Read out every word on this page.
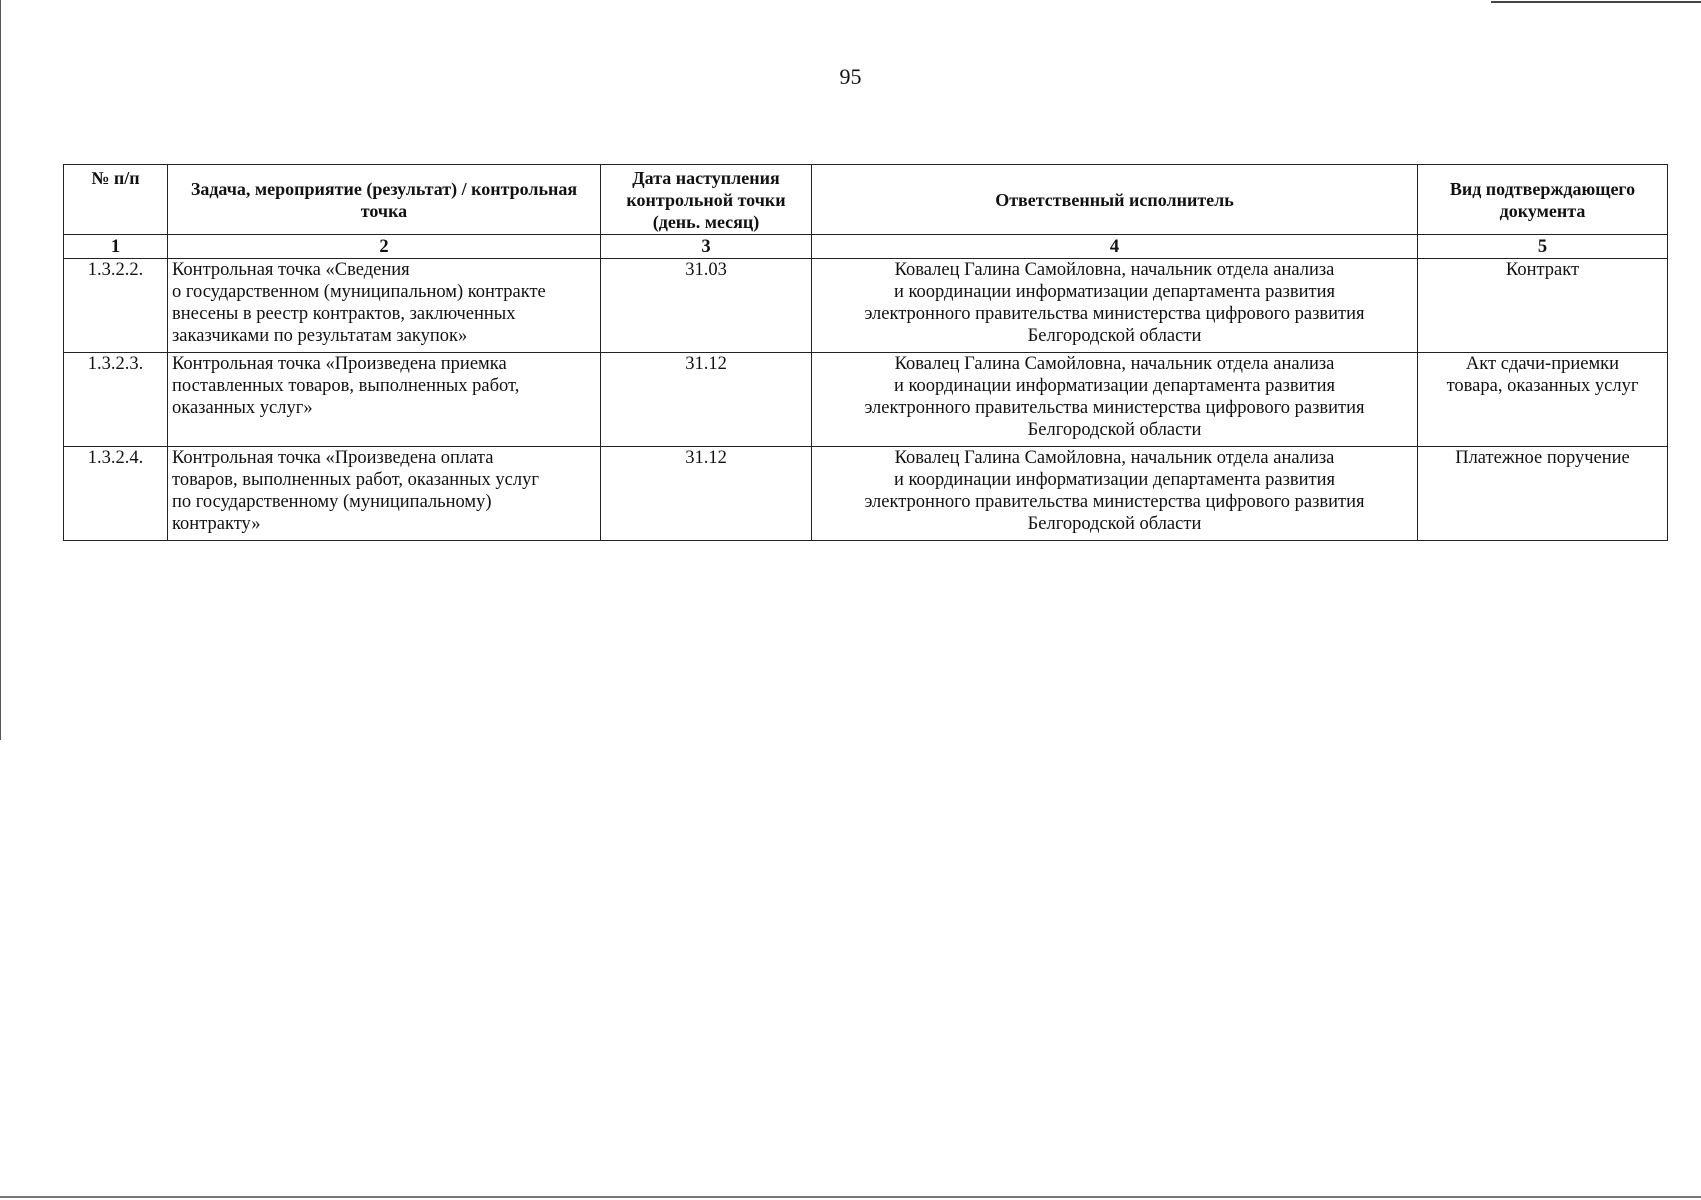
95
№ п/п	Задача, мероприятие (результат) / контрольная точка	Дата наступления контрольной точки (день. месяц)	Ответственный исполнитель	Вид подтверждающего документа
1	2	3	4	5
1.3.2.2.	Контрольная точка «Сведения
о государственном (муниципальном) контракте
внесены в реестр контрактов, заключенных
заказчиками по результатам закупок»	31.03	Ковалец Галина Самойловна, начальник отдела анализа
и координации информатизации департамента развития
электронного правительства министерства цифрового развития
Белгородской области	Контракт
1.3.2.3.	Контрольная точка «Произведена приемка
поставленных товаров, выполненных работ,
оказанных услуг»	31.12	Ковалец Галина Самойловна, начальник отдела анализа
и координации информатизации департамента развития
электронного правительства министерства цифрового развития
Белгородской области	Акт сдачи-приемки
товара, оказанных услуг
1.3.2.4.	Контрольная точка «Произведена оплата
товаров, выполненных работ, оказанных услуг
по государственному (муниципальному)
контракту»	31.12	Ковалец Галина Самойловна, начальник отдела анализа
и координации информатизации департамента развития
электронного правительства министерства цифрового развития
Белгородской области	Платежное поручение
